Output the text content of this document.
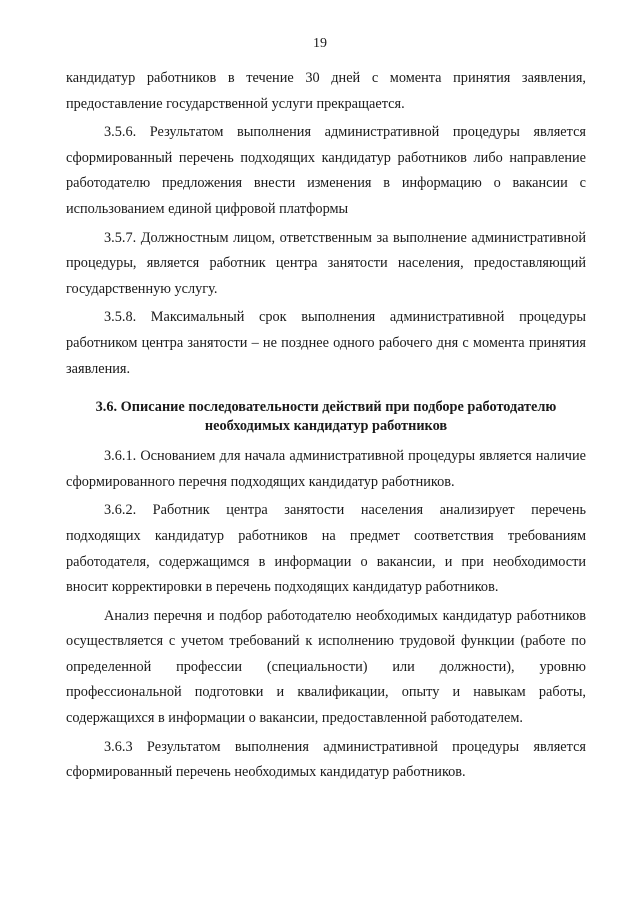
19

кандидатур работников в течение 30 дней с момента принятия заявления, предоставление государственной услуги прекращается.

3.5.6. Результатом выполнения административной процедуры является сформированный перечень подходящих кандидатур работников либо направление работодателю предложения внести изменения в информацию о вакансии с использованием единой цифровой платформы

3.5.7. Должностным лицом, ответственным за выполнение административной процедуры, является работник центра занятости населения, предоставляющий государственную услугу.

3.5.8. Максимальный срок выполнения административной процедуры работником центра занятости – не позднее одного рабочего дня с момента принятия заявления.

3.6. Описание последовательности действий при подборе работодателю
необходимых кандидатур работников

3.6.1. Основанием для начала административной процедуры является наличие сформированного перечня подходящих кандидатур работников.

3.6.2. Работник центра занятости населения анализирует перечень подходящих кандидатур работников на предмет соответствия требованиям работодателя, содержащимся в информации о вакансии, и при необходимости вносит корректировки в перечень подходящих кандидатур работников.

Анализ перечня и подбор работодателю необходимых кандидатур работников осуществляется с учетом требований к исполнению трудовой функции (работе по определенной профессии (специальности) или должности), уровню профессиональной подготовки и квалификации, опыту и навыкам работы, содержащихся в информации о вакансии, предоставленной работодателем.

3.6.3 Результатом выполнения административной процедуры является сформированный перечень необходимых кандидатур работников.
